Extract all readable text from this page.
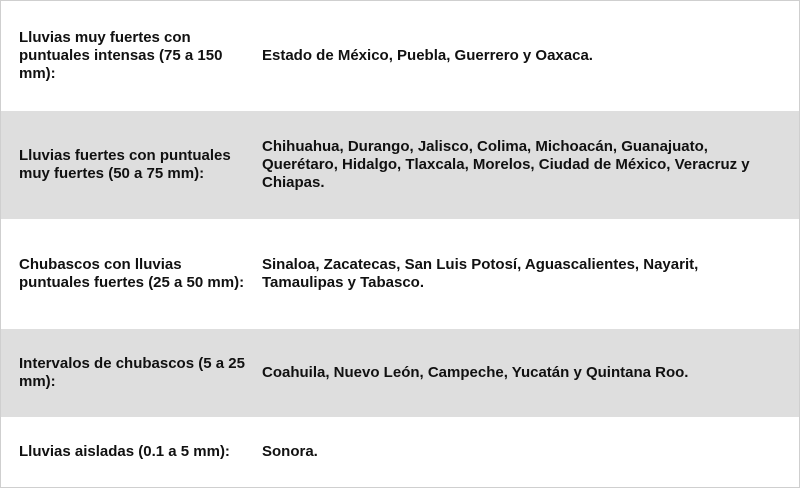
Lluvias muy fuertes con puntuales intensas (75 a 150 mm):
Estado de México, Puebla, Guerrero y Oaxaca.
Lluvias fuertes con puntuales muy fuertes (50 a 75 mm):
Chihuahua, Durango, Jalisco, Colima, Michoacán, Guanajuato, Querétaro, Hidalgo, Tlaxcala, Morelos, Ciudad de México, Veracruz y Chiapas.
Chubascos con lluvias puntuales fuertes (25 a 50 mm):
Sinaloa, Zacatecas, San Luis Potosí, Aguascalientes, Nayarit, Tamaulipas y Tabasco.
Intervalos de chubascos (5 a 25 mm):
Coahuila, Nuevo León, Campeche, Yucatán y Quintana Roo.
Lluvias aisladas (0.1 a 5 mm):	Sonora.
